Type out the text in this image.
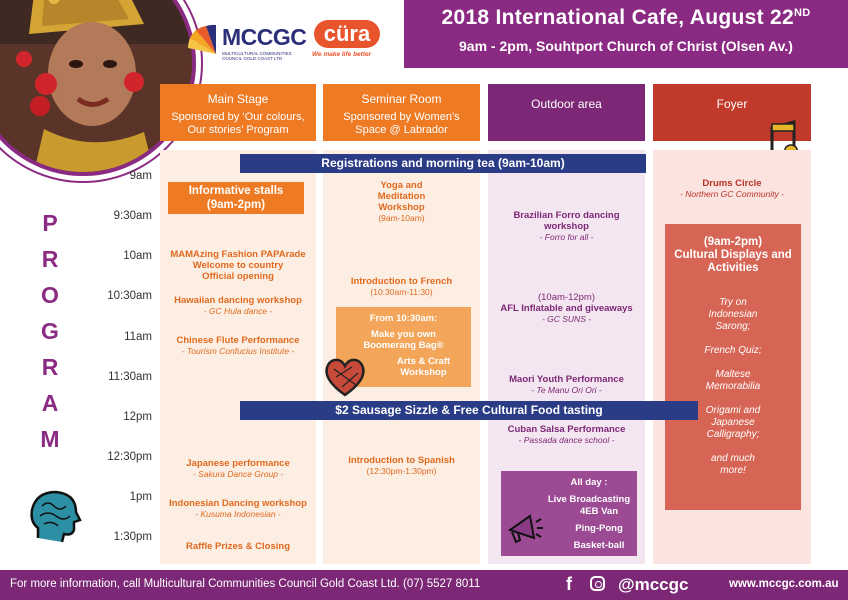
MCCGC
MULTICULTURAL COMMUNITIES COUNCIL GOLD COAST LTD
cüra
We make life better
2018 International Cafe, August 22ND
9am - 2pm, Souhtport Church of Christ (Olsen Av.)
Main Stage
Sponsored by ‘Our colours, Our stories’ Program
Seminar Room
Sponsored by Women’s Space @ Labrador
Outdoor area	Foyer
P
R
O
G
R
A
M
9am
9:30am
10am
10:30am
11am
11:30am
12pm
12:30pm
1pm
1:30pm
Informative stalls
(9am-2pm)
MAMAzing Fashion PAPArade
Welcome to country
Official opening
Hawaiian dancing workshop
- GC Hula dance -
Chinese Flute Performance
- Tourism Confucius Institute -
Japanese performance
- Sakura Dance Group -
Indonesian Dancing workshop
- Kusuma Indonesian -
Raffle Prizes & Closing
Yoga and
Meditation
Workshop
(9am-10am)
Introduction to French
(10:30am-11:30)
From 10:30am:
Make you own
Boomerang Bag®
Arts & Craft
Workshop
Introduction to Spanish
(12:30pm-1:30pm)
Brazilian Forro dancing
workshop
- Forro for all -
(10am-12pm)
AFL Inflatable and giveaways
- GC SUNS -
Maori Youth Performance
- Te Manu Ori Ori -
Cuban Salsa Performance
- Passada dance school -
All day :
Live Broadcasting
4EB Van
Ping-Pong
Basket-ball
Drums Circle
- Northern GC Community -
(9am-2pm)
Cultural Displays and
Activities
Try on
Indonesian
Sarong;
French Quiz;
Maltese
Memorabilia
Origami and
Japanese
Calligraphy;
and much
more!
Registrations and morning tea (9am-10am)
$2 Sausage Sizzle & Free Cultural Food tasting
For more information, call Multicultural Communities Council Gold Coast Ltd. (07) 5527 8011	f	@mccgc	www.mccgc.com.au
